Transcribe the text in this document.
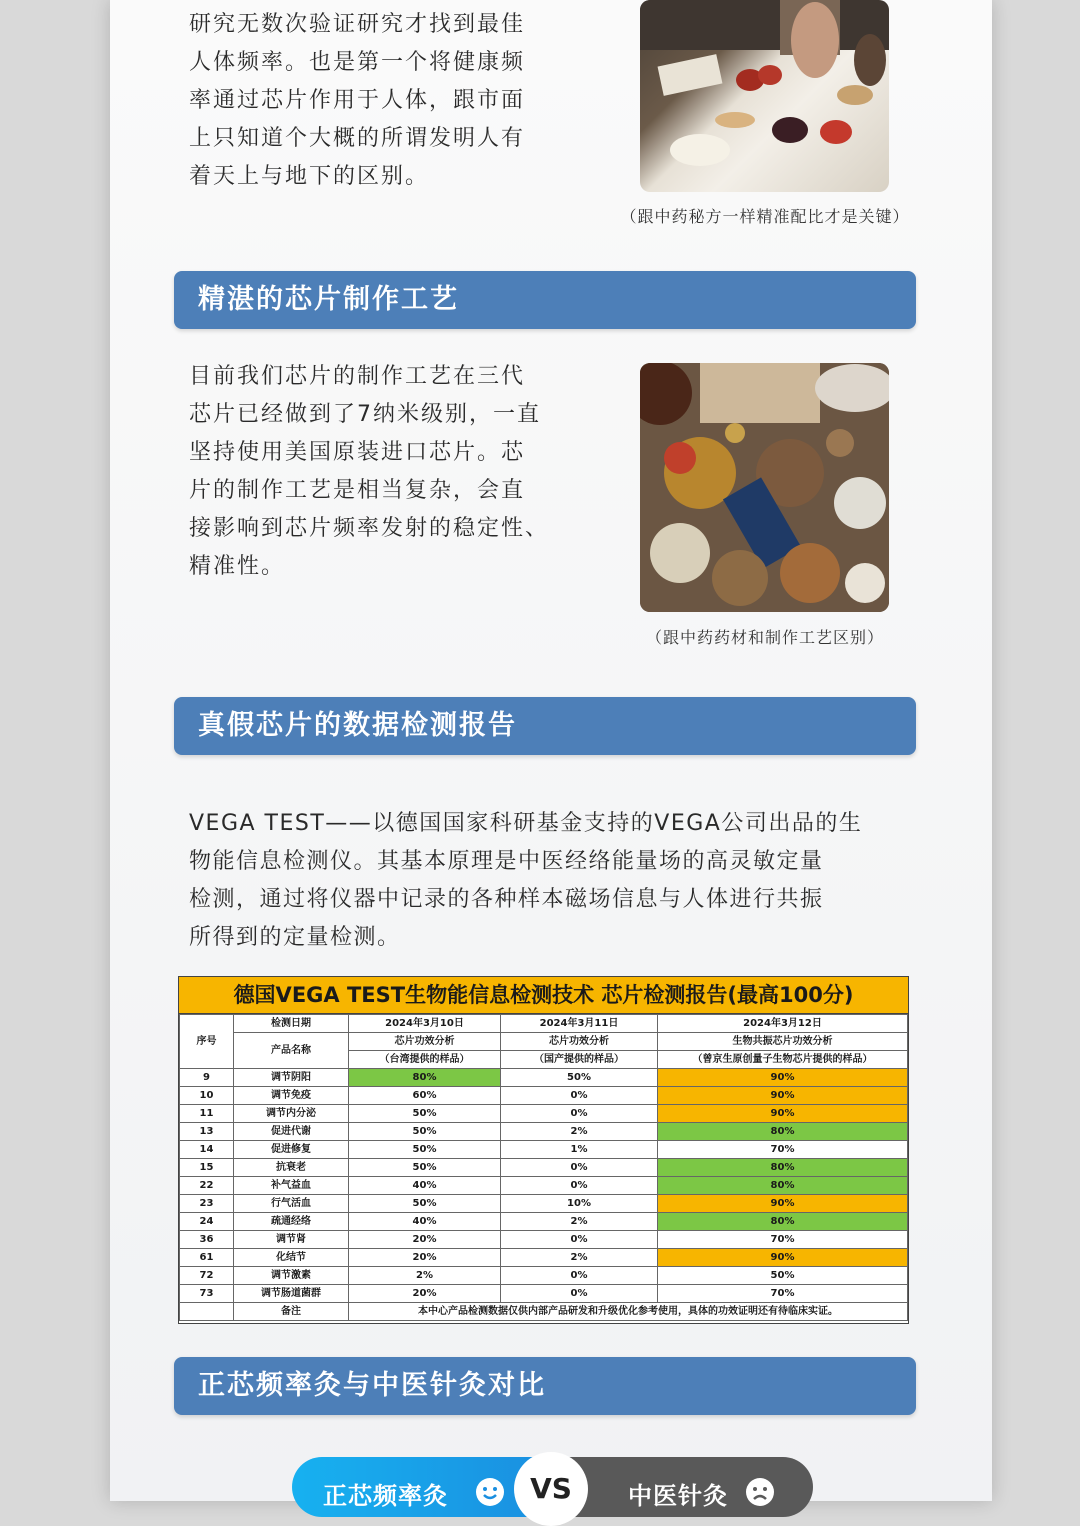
研究无数次验证研究才找到最佳
人体频率。也是第一个将健康频
率通过芯片作用于人体，跟市面
上只知道个大概的所谓发明人有
着天上与地下的区别。

（跟中药秘方一样精准配比才是关键）
精湛的芯片制作工艺

目前我们芯片的制作工艺在三代
芯片已经做到了7纳米级别，一直
坚持使用美国原装进口芯片。芯
片的制作工艺是相当复杂，会直
接影响到芯片频率发射的稳定性、
精准性。

（跟中药药材和制作工艺区别）
真假芯片的数据检测报告

VEGA TEST——以德国国家科研基金支持的VEGA公司出品的生
物能信息检测仪。其基本原理是中医经络能量场的高灵敏定量
检测，通过将仪器中记录的各种样本磁场信息与人体进行共振
所得到的定量检测。

德国VEGA TEST生物能信息检测技术 芯片检测报告(最高100分)
序号	检测日期	2024年3月10日	2024年3月11日	2024年3月12日
	产品名称	芯片功效分析	芯片功效分析	生物共振芯片功效分析
		（台湾提供的样品）	（国产提供的样品）	（曾京生原创量子生物芯片提供的样品）
9	调节阴阳	80%	50%	90%
10	调节免疫	60%	0%	90%
11	调节内分泌	50%	0%	90%
13	促进代谢	50%	2%	80%
14	促进修复	50%	1%	70%
15	抗衰老	50%	0%	80%
22	补气益血	40%	0%	80%
23	行气活血	50%	10%	90%
24	疏通经络	40%	2%	80%
36	调节肾	20%	0%	70%
61	化结节	20%	2%	90%
72	调节激素	2%	0%	50%
73	调节肠道菌群	20%	0%	70%
	备注	本中心产品检测数据仅供内部产品研发和升级优化参考使用，具体的功效证明还有待临床实证。		
正芯频率灸与中医针灸对比
正芯频率灸	VS	中医针灸
